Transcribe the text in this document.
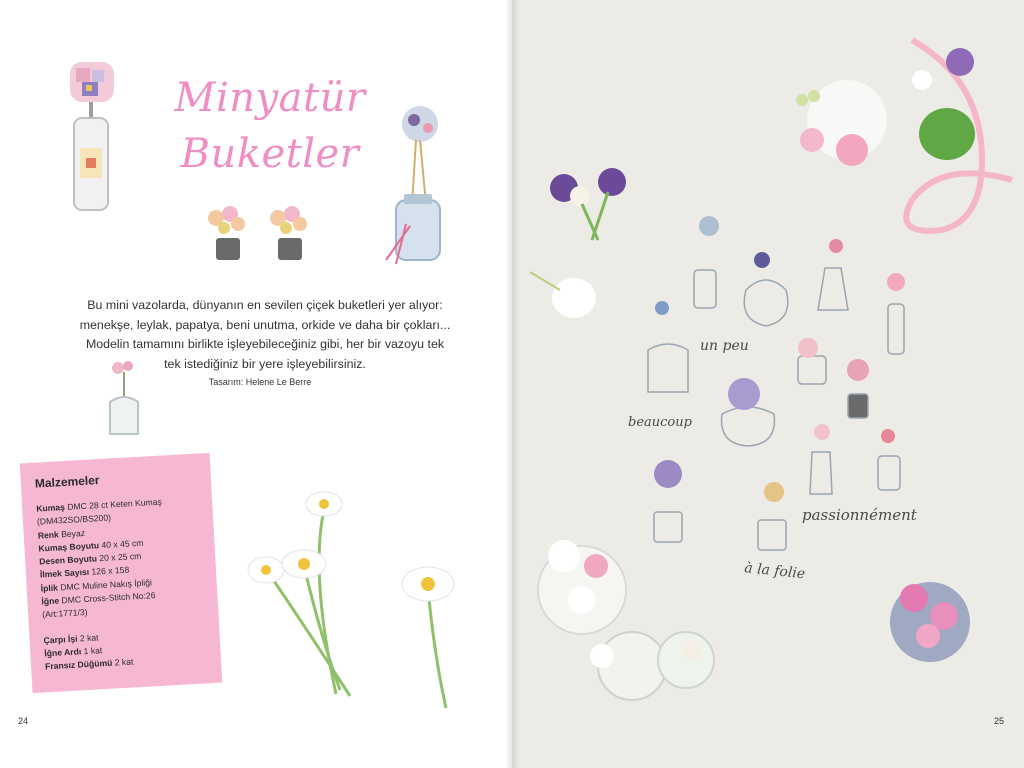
Minyatür
Buketler
Bu mini vazolarda, dünyanın en sevilen çiçek buketleri yer alıyor:
menekşe, leylak, papatya, beni unutma, orkide ve daha bir çokları...
Modelin tamamını birlikte işleyebileceğiniz gibi, her bir vazoyu tek
tek istediğiniz bir yere işleyebilirsiniz.
Tasarım: Helene Le Berre
Malzemeler
Kumaş DMC 28 ct Keten Kumaş
(DM432SO/BS200)
Renk Beyaz
Kumaş Boyutu 40 x 45 cm
Desen Boyutu 20 x 25 cm
İlmek Sayısı 126 x 158
İplik DMC Muline Nakış İpliği
İğne DMC Cross-Stitch No:26
(Art:1771/3)
Çarpı İşi 2 kat
İğne Ardı 1 kat
Fransız Düğümü 2 kat
24
un peu
beaucoup
passionnément
à la folie
25
